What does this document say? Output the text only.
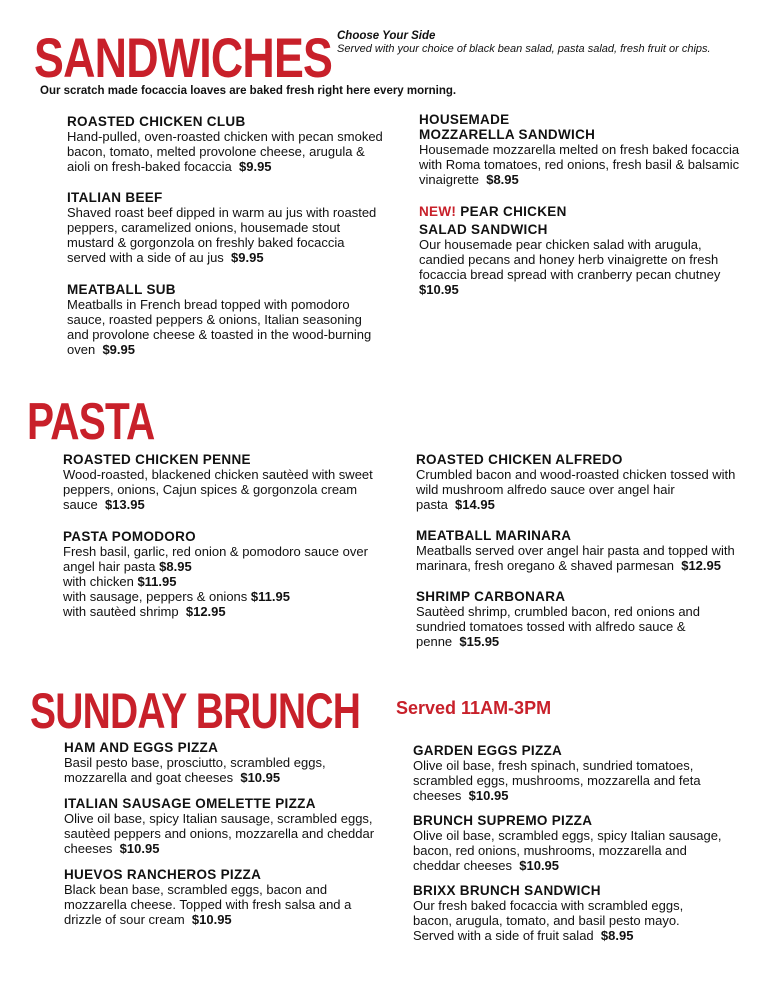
SANDWICHES Choose Your Side
Served with your choice of black bean salad, pasta salad, fresh fruit or chips.
Our scratch made focaccia loaves are baked fresh right here every morning.
ROASTED CHICKEN CLUB
Hand-pulled, oven-roasted chicken with pecan smoked bacon, tomato, melted provolone cheese, arugula & aioli on fresh-baked focaccia $9.95
ITALIAN BEEF
Shaved roast beef dipped in warm au jus with roasted peppers, caramelized onions, housemade stout mustard & gorgonzola on freshly baked focaccia served with a side of au jus $9.95
MEATBALL SUB
Meatballs in French bread topped with pomodoro sauce, roasted peppers & onions, Italian seasoning and provolone cheese & toasted in the wood-burning oven $9.95
HOUSEMADE
MOZZARELLA SANDWICH
Housemade mozzarella melted on fresh baked focaccia with Roma tomatoes, red onions, fresh basil & balsamic vinaigrette $8.95
NEW! PEAR CHICKEN
SALAD SANDWICH
Our housemade pear chicken salad with arugula, candied pecans and honey herb vinaigrette on fresh focaccia bread spread with cranberry pecan chutney
$10.95
PASTA
ROASTED CHICKEN PENNE
Wood-roasted, blackened chicken sautèed with sweet peppers, onions, Cajun spices & gorgonzola cream sauce $13.95
PASTA POMODORO
Fresh basil, garlic, red onion & pomodoro sauce over angel hair pasta $8.95
with chicken $11.95
with sausage, peppers & onions $11.95
with sautèed shrimp $12.95
ROASTED CHICKEN ALFREDO
Crumbled bacon and wood-roasted chicken tossed with wild mushroom alfredo sauce over angel hair pasta $14.95
MEATBALL MARINARA
Meatballs served over angel hair pasta and topped with marinara, fresh oregano & shaved parmesan $12.95
SHRIMP CARBONARA
Sautèed shrimp, crumbled bacon, red onions and sundried tomatoes tossed with alfredo sauce & penne $15.95
SUNDAY BRUNCH Served 11AM-3PM
HAM AND EGGS PIZZA
Basil pesto base, prosciutto, scrambled eggs, mozzarella and goat cheeses $10.95
ITALIAN SAUSAGE OMELETTE PIZZA
Olive oil base, spicy Italian sausage, scrambled eggs, sautèed peppers and onions, mozzarella and cheddar cheeses $10.95
HUEVOS RANCHEROS PIZZA
Black bean base, scrambled eggs, bacon and mozzarella cheese. Topped with fresh salsa and a drizzle of sour cream $10.95
GARDEN EGGS PIZZA
Olive oil base, fresh spinach, sundried tomatoes, scrambled eggs, mushrooms, mozzarella and feta cheeses $10.95
BRUNCH SUPREMO PIZZA
Olive oil base, scrambled eggs, spicy Italian sausage, bacon, red onions, mushrooms, mozzarella and cheddar cheeses $10.95
BRIXX BRUNCH SANDWICH
Our fresh baked focaccia with scrambled eggs, bacon, arugula, tomato, and basil pesto mayo. Served with a side of fruit salad $8.95
